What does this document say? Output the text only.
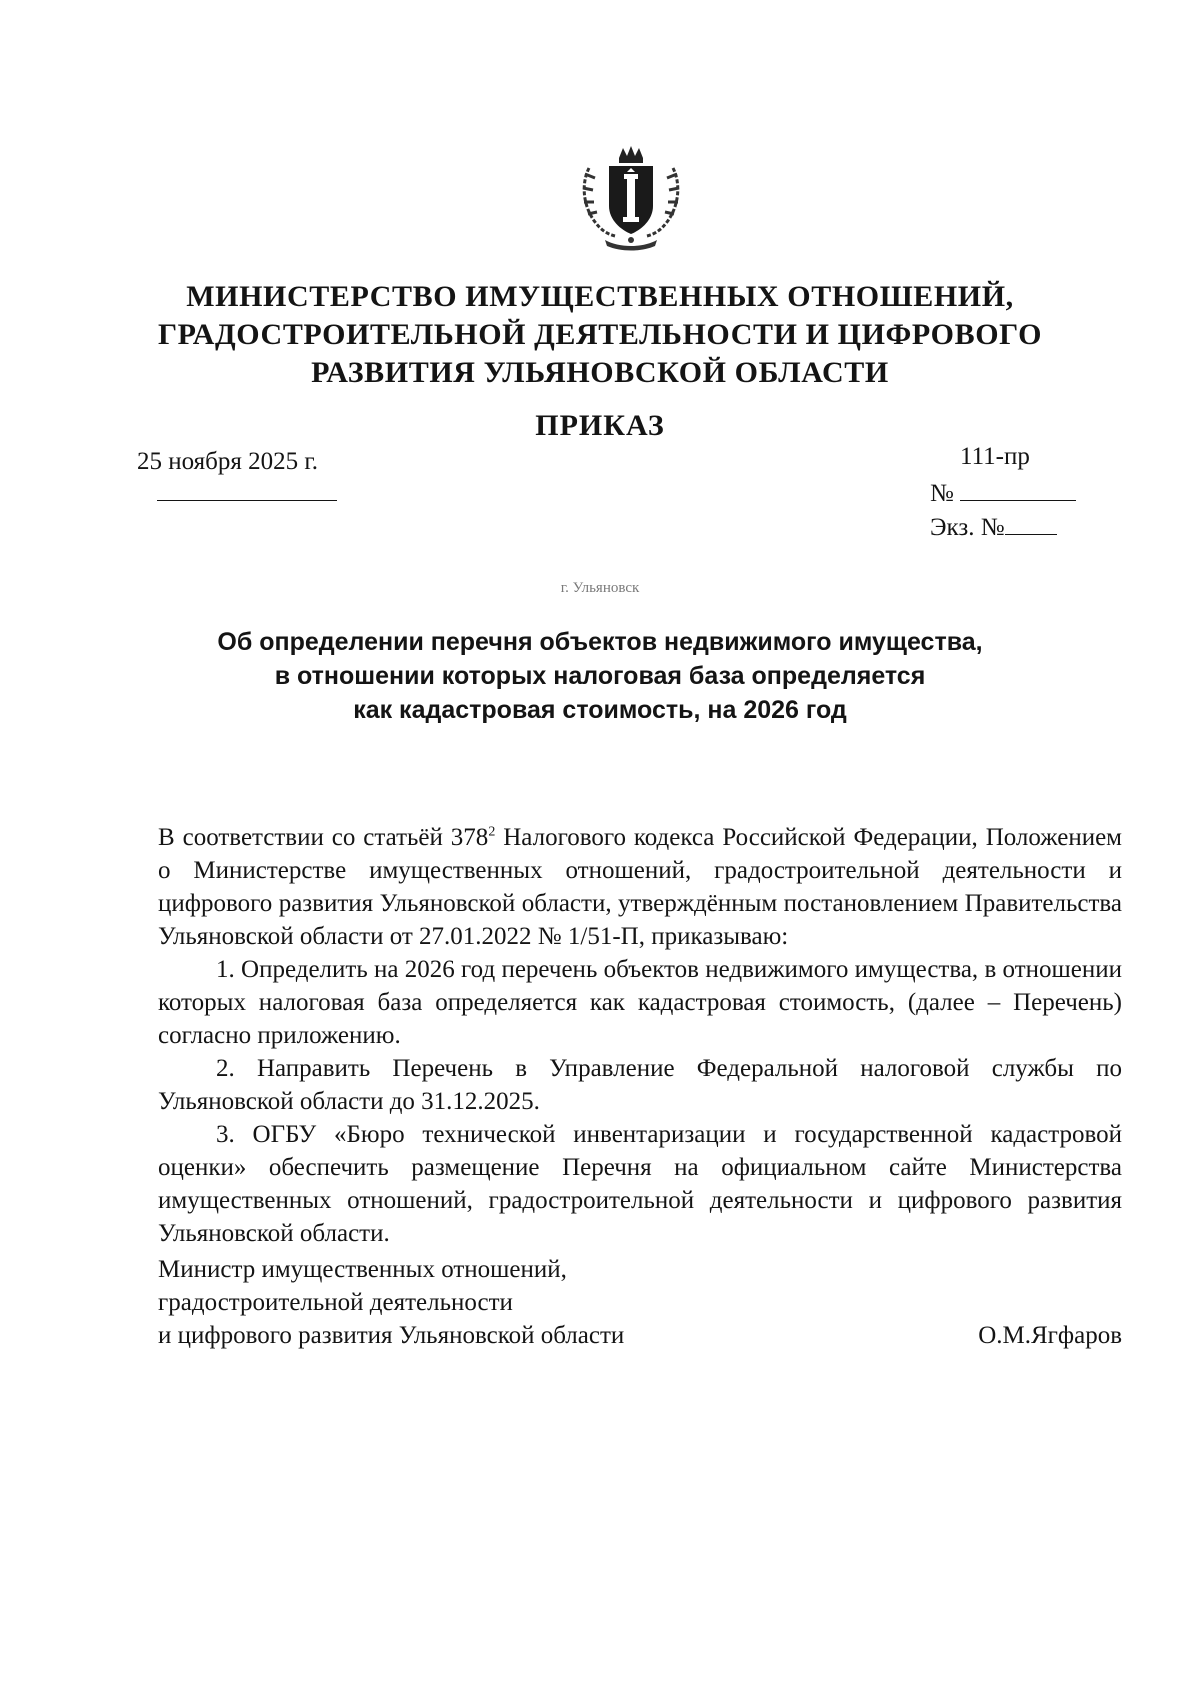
МИНИСТЕРСТВО ИМУЩЕСТВЕННЫХ ОТНОШЕНИЙ,
ГРАДОСТРОИТЕЛЬНОЙ ДЕЯТЕЛЬНОСТИ И ЦИФРОВОГО
РАЗВИТИЯ УЛЬЯНОВСКОЙ ОБЛАСТИ
ПРИКАЗ
25 ноября 2025 г.	111-пр
№
Экз. №
г. Ульяновск
Об определении перечня объектов недвижимого имущества,
в отношении которых налоговая база определяется
как кадастровая стоимость, на 2026 год

В соответствии со статьёй $378^2$ Налогового кодекса Российской Федерации, Положением о Министерстве имущественных отношений, градостроительной деятельности и цифрового развития Ульяновской области, утверждённым постановлением Правительства Ульяновской области от 27.01.2022 № 1/51-П, приказываю:

1. Определить на 2026 год перечень объектов недвижимого имущества, в отношении которых налоговая база определяется как кадастровая стоимость, (далее – Перечень) согласно приложению.

2. Направить Перечень в Управление Федеральной налоговой службы по Ульяновской области до 31.12.2025.

3. ОГБУ «Бюро технической инвентаризации и государственной кадастровой оценки» обеспечить размещение Перечня на официальном сайте Министерства имущественных отношений, градостроительной деятельности и цифрового развития Ульяновской области.

Министр имущественных отношений,
градостроительной деятельности
и цифрового развития Ульяновской области	О.М.Ягфаров
